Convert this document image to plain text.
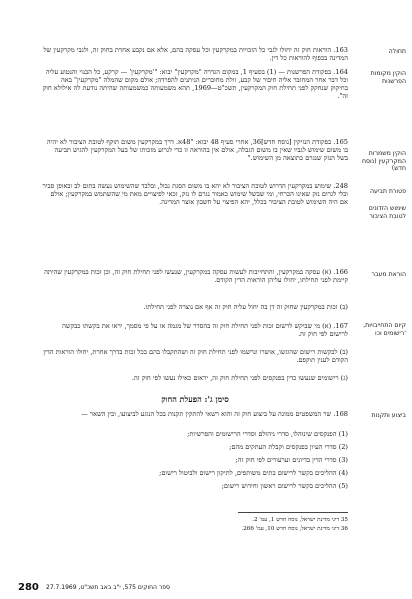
תחולה
הוקין מקומות הפרשנות
הוקין משמרות המקרקעין (נוסח חדש)
פטורת תביעה
שימוש הזדונים לטובת הציבור
הוראת מעבר
קיום התחייבויות, רישומים וכו'
ביצוע ותקנות
163. הוראות חוק זה יחולו לגבי כל הזכויות במקרקעין וכל עסקה בהם, אלא אם נקבע אחרת בחוק זה, ולגבי מקרקעין של המדינה בכפוף להוראות כל דין.
164. בפקודת הפרשנות — (1) בסעיף 1, במקום הגדרה "מקרקעין" יבוא: "'מקרקעין' — קרקע, כל הבנוי והנטוע עליה וכל דבר אחר המחובר אליה חיבור של קבע, זולת מחוברים הניתנים להפרדה; אולם מקום שהמלה "מקרקעין" באה בחיקוק שנחקק לפני תחילת חוק המקרקעין, תשכ"ט—1969, תהא משמעותה כמשמעותה שהיתה נודעת לה אילולא חוק זה".
165. בפקודת הנזיקין [נוסח חדש]36, אחרי סעיף 48 יבוא: "48א. דרך במקרקעין משום תוקף לטובת הציבור לא יהיה בו משום שימוש לגביו שאין בו משום הגבלה, אולם אין בהוראה זו כדי לגרוע מזכותו של בעל המקרקעין להגיש תביעה בשל הנזק שנגרם כתוצאה מן השימוש."
248. שימוש במקרקעין הדרוש לטובת הציבור לא יהא בו משום הסגת גבול, ובלבד שהשימוש נעשה בתום לב ובאופן סביר ובלי לגרום נזק שאינו הכרחי, ומי שבשל שימוש כאמור נגרם לו נזק, זכאי לפיצויים מאת מי שהשתמש במקרקעין; אולם אם היה השימוש לטובת הציבור בכלל, יהא הפיצוי על חשבון אוצר המדינה.
166. (א) עסקה במקרקעין, והתחייבות לעשות עסקה במקרקעין, שנעשו לפני תחילת חוק זה, וכן זכות במקרקעין שהיתה קיימת לפני תחילתו, יחולו עליהן הוראות הדין הקודם.
(ב) זכות במקרקעין שחוק זה דן בה יחול עליה חוק זה אף אם נוצרה לפני תחילתו.
167. (א) מי שביקש לרשום זכות לפני תחילת חוק זה בהסדר של מגמה או על פי מסמך, יראו את בקשתו כבקשה לרישום לפי חוק זה.
(ב) לבקשות רישום שהוגשו, אושרו ונרשמו לפני תחילת חוק זה ושהתקבלו בהם בכל זכות בדרך אחרת, יחולו הוראות הדין הקודם לענין תוקפם.
(ג) רישומים שנעשו כדין בפנקסים לפני תחילת חוק זה, יראום כאילו נעשו לפי חוק זה.
סימן ג': הפעלת החוק
168. שר המשפטים ממונה על ביצוע חוק זה והוא רשאי להתקין תקנות בכל הנוגע לביצועו, ובין השאר —
(1) הפנקסים שינוהלו, סדרי ניהולם וסדרי הרישומים והפרשיות;
(2) סדרי העיון בפנקסים וקבלת העתקים מהם;
(3) סדרי הדין בדיונים וערעורים לפי חוק זה;
(4) ההליכים בקשר לרישום בתים משותפים, לתיקון רישום ולביטול רישום;
(5) ההליכים בקשר לרישום ראשון וחידוש רישום;
35 דיני מדינת ישראל, נוסח חדש 1, עמ' 2.
36 דיני מדינת ישראל, נוסח חדש 10, עמ' 266.
ספר החוקים 575, י"ב באב תשכ"ט, 27.7.1969
280
